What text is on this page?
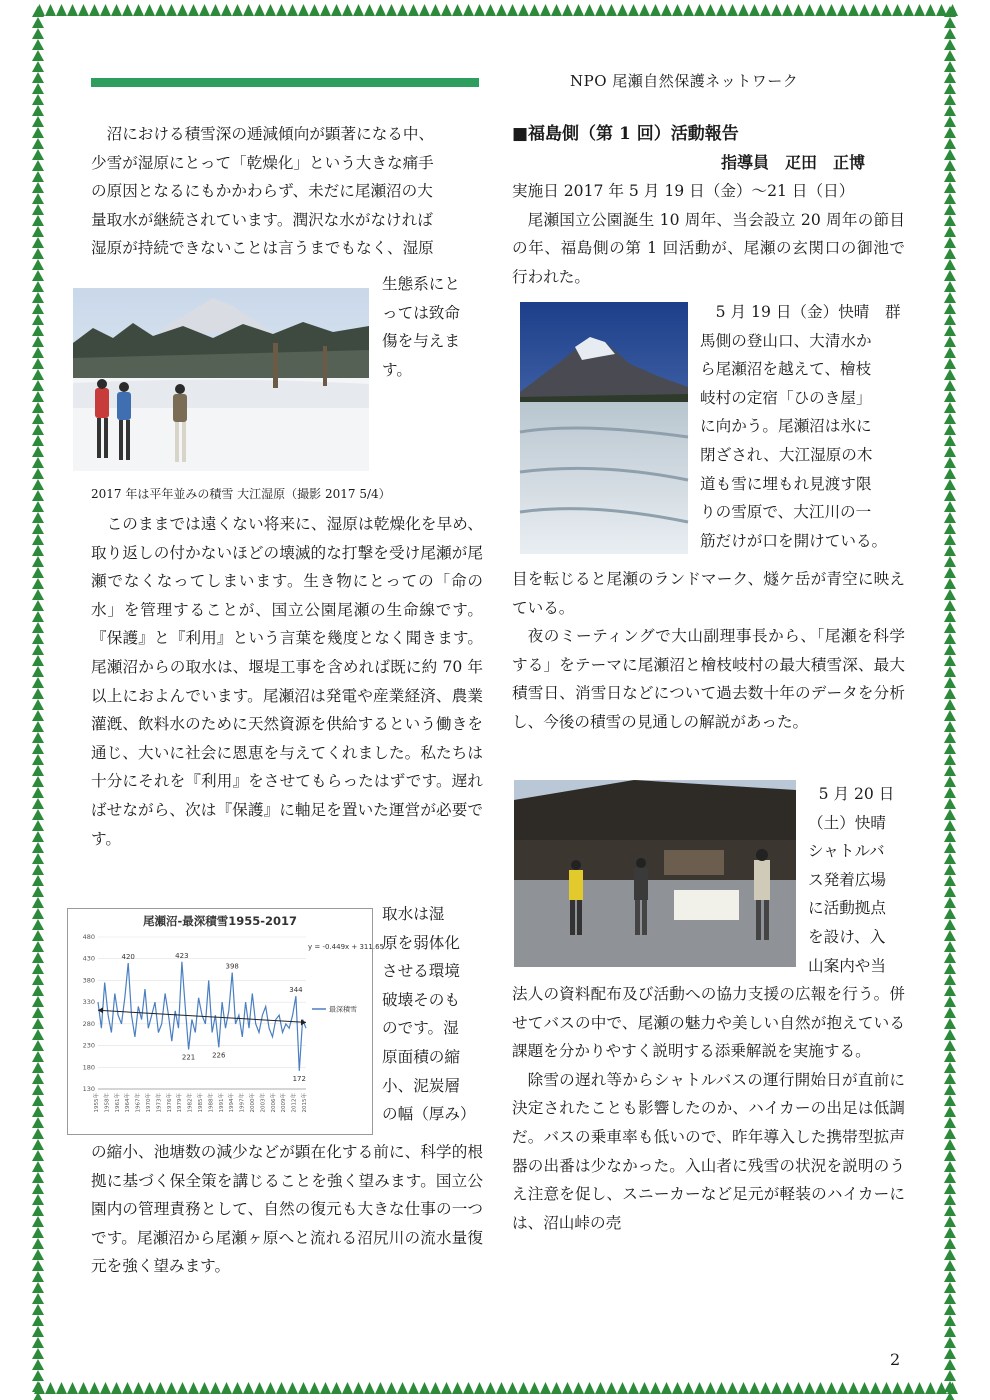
NPO 尾瀬自然保護ネットワーク

沼における積雪深の逓減傾向が顕著になる中、

少雪が湿原にとって「乾燥化」という大きな痛手

の原因となるにもかかわらず、未だに尾瀬沼の大

量取水が継続されています。潤沢な水がなければ

湿原が持続できないことは言うまでもなく、湿原

生態系にと

っては致命

傷を与えま

す。

2017 年は平年並みの積雪 大江湿原（撮影 2017 5/4）

このままでは遠くない将来に、湿原は乾燥化を早め、取り返しの付かないほどの壊滅的な打撃を受け尾瀬が尾瀬でなくなってしまいます。生き物にとっての「命の水」を管理することが、国立公園尾瀬の生命線です。『保護』と『利用』という言葉を幾度となく聞きます。尾瀬沼からの取水は、堰堤工事を含めれば既に約 70 年以上におよんでいます。尾瀬沼は発電や産業経済、農業灌漑、飲料水のために天然資源を供給するという働きを通じ、大いに社会に恩恵を与えてくれました。私たちは十分にそれを『利用』をさせてもらったはずです。遅ればせながら、次は『保護』に軸足を置いた運営が必要です。

尾瀬沼-最深積雪1955-2017
480
430
380
330
280
230
180
130
1955年 1958年 1961年 1964年 1967年 1970年 1973年 1976年 1979年 1982年 1985年 1988年 1991年 1994年 1997年 2000年 2003年 2006年 2009年 2012年 2015年
y = -0.449x + 311.65
420	423
398
344
221 226
172
最深積雪

取水は湿

原を弱体化

させる環境

破壊そのも

のです。湿

原面積の縮

小、泥炭層

の幅（厚み）

の縮小、池塘数の減少などが顕在化する前に、科学的根拠に基づく保全策を講じることを強く望みます。国立公園内の管理責務として、自然の復元も大きな仕事の一つです。尾瀬沼から尾瀬ヶ原へと流れる沼尻川の流水量復元を強く望みます。

■福島側（第 1 回）活動報告

指導員　疋田　正博

実施日 2017 年 5 月 19 日（金）～21 日（日）

尾瀬国立公園誕生 10 周年、当会設立 20 周年の節目の年、福島側の第 1 回活動が、尾瀬の玄関口の御池で行われた。

5 月 19 日（金）快晴　群

馬側の登山口、大清水か

ら尾瀬沼を越えて、檜枝

岐村の定宿「ひのき屋」

に向かう。尾瀬沼は氷に

閉ざされ、大江湿原の木

道も雪に埋もれ見渡す限

りの雪原で、大江川の一

筋だけが口を開けている。

目を転じると尾瀬のランドマーク、燧ケ岳が青空に映えている。

夜のミーティングで大山副理事長から、「尾瀬を科学する」をテーマに尾瀬沼と檜枝岐村の最大積雪深、最大積雪日、消雪日などについて過去数十年のデータを分析し、今後の積雪の見通しの解説があった。

5 月 20 日

（土）快晴

シャトルバ

ス発着広場

に活動拠点

を設け、入

山案内や当

法人の資料配布及び活動への協力支援の広報を行う。併せてバスの中で、尾瀬の魅力や美しい自然が抱えている課題を分かりやすく説明する添乗解説を実施する。

除雪の遅れ等からシャトルバスの運行開始日が直前に決定されたことも影響したのか、ハイカーの出足は低調だ。バスの乗車率も低いので、昨年導入した携帯型拡声器の出番は少なかった。入山者に残雪の状況を説明のうえ注意を促し、スニーカーなど足元が軽装のハイカーには、沼山峠の売

2
